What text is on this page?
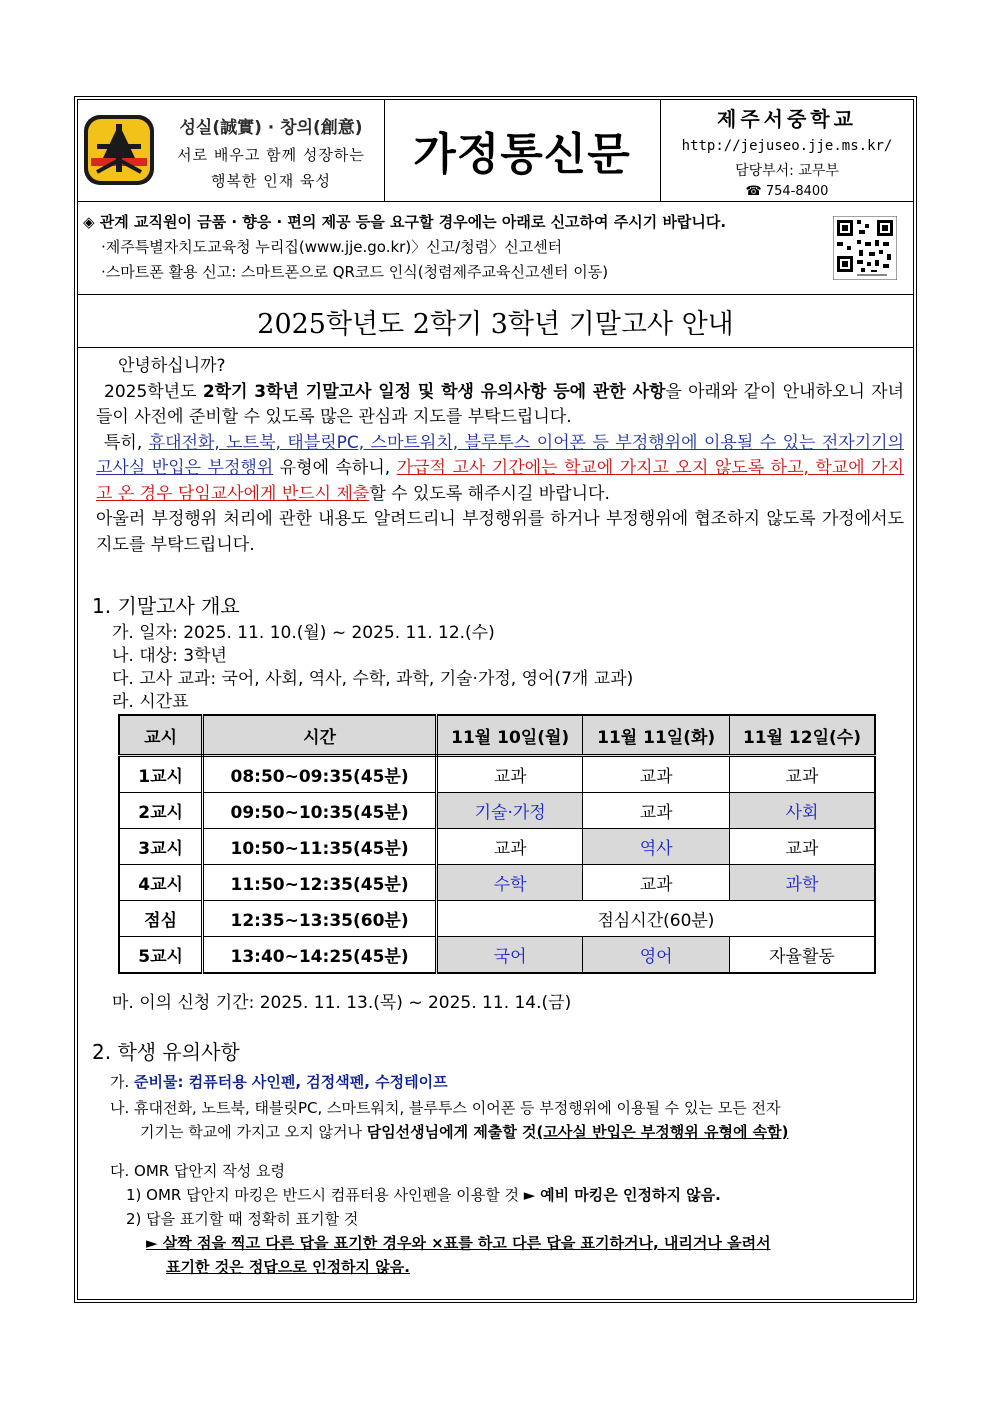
성실(誠實) · 창의(創意)
서로 배우고 함께 성장하는
행복한 인재 육성
가정통신문
제주서중학교
http://jejuseo.jje.ms.kr/
담당부서: 교무부
☎ 754-8400
◈ 관계 교직원이 금품 · 향응 · 편의 제공 등을 요구할 경우에는 아래로 신고하여 주시기 바랍니다.
·제주특별자치도교육청 누리집(www.jje.go.kr)〉신고/청렴〉신고센터
·스마트폰 활용 신고: 스마트폰으로 QR코드 인식(청렴제주교육신고센터 이동)
2025학년도 2학기 3학년 기말고사 안내
안녕하십니까?
2025학년도 2학기 3학년 기말고사 일정 및 학생 유의사항 등에 관한 사항을 아래와 같이 안내하오니 자녀들이 사전에 준비할 수 있도록 많은 관심과 지도를 부탁드립니다.
특히, 휴대전화, 노트북, 태블릿PC, 스마트워치, 블루투스 이어폰 등 부정행위에 이용될 수 있는 전자기기의 고사실 반입은 부정행위 유형에 속하니, 가급적 고사 기간에는 학교에 가지고 오지 않도록 하고, 학교에 가지고 온 경우 담임교사에게 반드시 제출할 수 있도록 해주시길 바랍니다.
아울러 부정행위 처리에 관한 내용도 알려드리니 부정행위를 하거나 부정행위에 협조하지 않도록 가정에서도 지도를 부탁드립니다.
1. 기말고사 개요
가. 일자: 2025. 11. 10.(월) ~ 2025. 11. 12.(수)
나. 대상: 3학년
다. 고사 교과: 국어, 사회, 역사, 수학, 과학, 기술·가정, 영어(7개 교과)
라. 시간표
교시	시간	11월 10일(월)	11월 11일(화)	11월 12일(수)
1교시	08:50~09:35(45분)	교과	교과	교과
2교시	09:50~10:35(45분)	기술·가정	교과	사회
3교시	10:50~11:35(45분)	교과	역사	교과
4교시	11:50~12:35(45분)	수학	교과	과학
점심	12:35~13:35(60분)	점심시간(60분)		
5교시	13:40~14:25(45분)	국어	영어	자율활동
마. 이의 신청 기간: 2025. 11. 13.(목) ~ 2025. 11. 14.(금)
2. 학생 유의사항
가. 준비물: 컴퓨터용 사인펜, 검정색펜, 수정테이프
나. 휴대전화, 노트북, 태블릿PC, 스마트워치, 블루투스 이어폰 등 부정행위에 이용될 수 있는 모든 전자
기기는 학교에 가지고 오지 않거나 담임선생님에게 제출할 것(고사실 반입은 부정행위 유형에 속함)
다. OMR 답안지 작성 요령
1) OMR 답안지 마킹은 반드시 컴퓨터용 사인펜을 이용할 것 ► 예비 마킹은 인정하지 않음.
2) 답을 표기할 때 정확히 표기할 것
► 살짝 점을 찍고 다른 답을 표기한 경우와 ×표를 하고 다른 답을 표기하거나, 내리거나 올려서
표기한 것은 정답으로 인정하지 않음.
